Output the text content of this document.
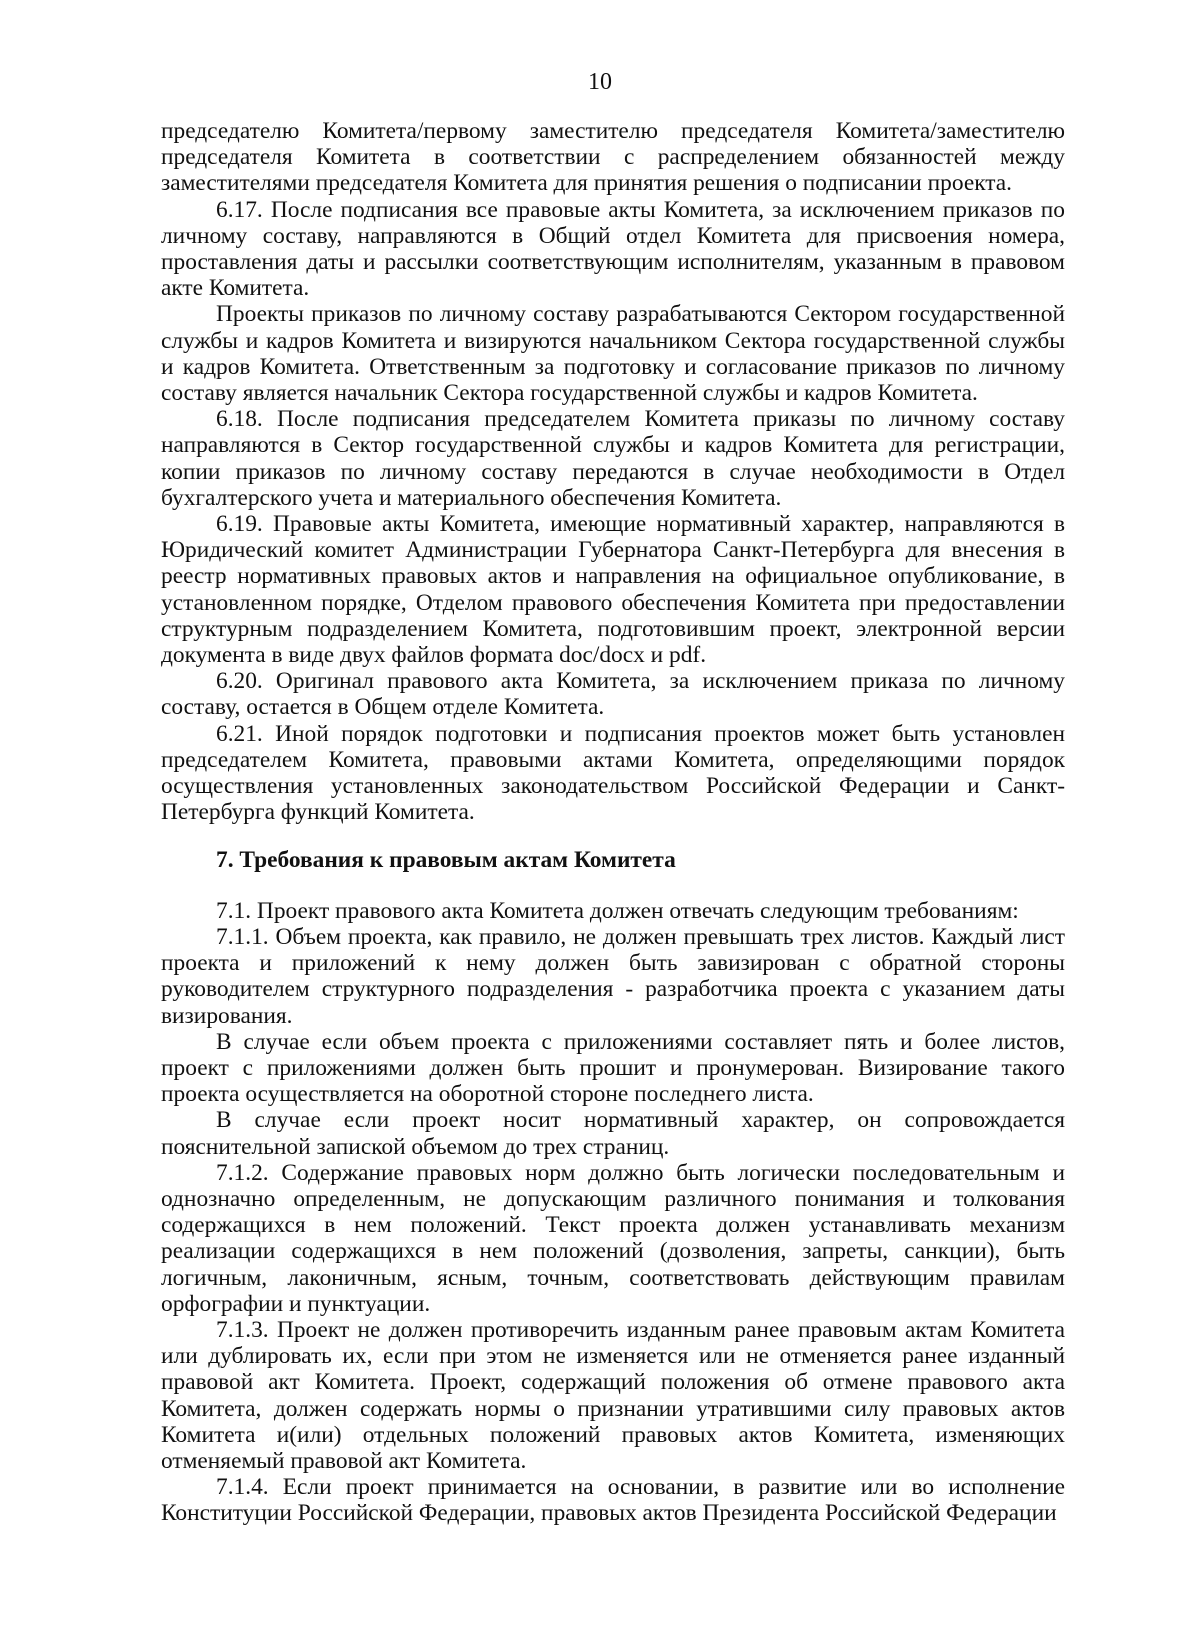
10

председателю Комитета/первому заместителю председателя Комитета/заместителю председателя Комитета в соответствии с распределением обязанностей между заместителями председателя Комитета для принятия решения о подписании проекта.

6.17. После подписания все правовые акты Комитета, за исключением приказов по личному составу, направляются в Общий отдел Комитета для присвоения номера, проставления даты и рассылки соответствующим исполнителям, указанным в правовом акте Комитета.

Проекты приказов по личному составу разрабатываются Сектором государственной службы и кадров Комитета и визируются начальником Сектора государственной службы и кадров Комитета. Ответственным за подготовку и согласование приказов по личному составу является начальник Сектора государственной службы и кадров Комитета.

6.18. После подписания председателем Комитета приказы по личному составу направляются в Сектор государственной службы и кадров Комитета для регистрации, копии приказов по личному составу передаются в случае необходимости в Отдел бухгалтерского учета и материального обеспечения Комитета.

6.19. Правовые акты Комитета, имеющие нормативный характер, направляются в Юридический комитет Администрации Губернатора Санкт-Петербурга для внесения в реестр нормативных правовых актов и направления на официальное опубликование, в установленном порядке, Отделом правового обеспечения Комитета при предоставлении структурным подразделением Комитета, подготовившим проект, электронной версии документа в виде двух файлов формата doc/docx и pdf.

6.20. Оригинал правового акта Комитета, за исключением приказа по личному составу, остается в Общем отделе Комитета.

6.21. Иной порядок подготовки и подписания проектов может быть установлен председателем Комитета, правовыми актами Комитета, определяющими порядок осуществления установленных законодательством Российской Федерации и Санкт-Петербурга функций Комитета.

7. Требования к правовым актам Комитета

7.1. Проект правового акта Комитета должен отвечать следующим требованиям:

7.1.1. Объем проекта, как правило, не должен превышать трех листов. Каждый лист проекта и приложений к нему должен быть завизирован с обратной стороны руководителем структурного подразделения - разработчика проекта с указанием даты визирования.

В случае если объем проекта с приложениями составляет пять и более листов, проект с приложениями должен быть прошит и пронумерован. Визирование такого проекта осуществляется на оборотной стороне последнего листа.

В случае если проект носит нормативный характер, он сопровождается пояснительной запиской объемом до трех страниц.

7.1.2. Содержание правовых норм должно быть логически последовательным и однозначно определенным, не допускающим различного понимания и толкования содержащихся в нем положений. Текст проекта должен устанавливать механизм реализации содержащихся в нем положений (дозволения, запреты, санкции), быть логичным, лаконичным, ясным, точным, соответствовать действующим правилам орфографии и пунктуации.

7.1.3. Проект не должен противоречить изданным ранее правовым актам Комитета или дублировать их, если при этом не изменяется или не отменяется ранее изданный правовой акт Комитета. Проект, содержащий положения об отмене правового акта Комитета, должен содержать нормы о признании утратившими силу правовых актов Комитета и(или) отдельных положений правовых актов Комитета, изменяющих отменяемый правовой акт Комитета.

7.1.4. Если проект принимается на основании, в развитие или во исполнение Конституции Российской Федерации, правовых актов Президента Российской Федерации
